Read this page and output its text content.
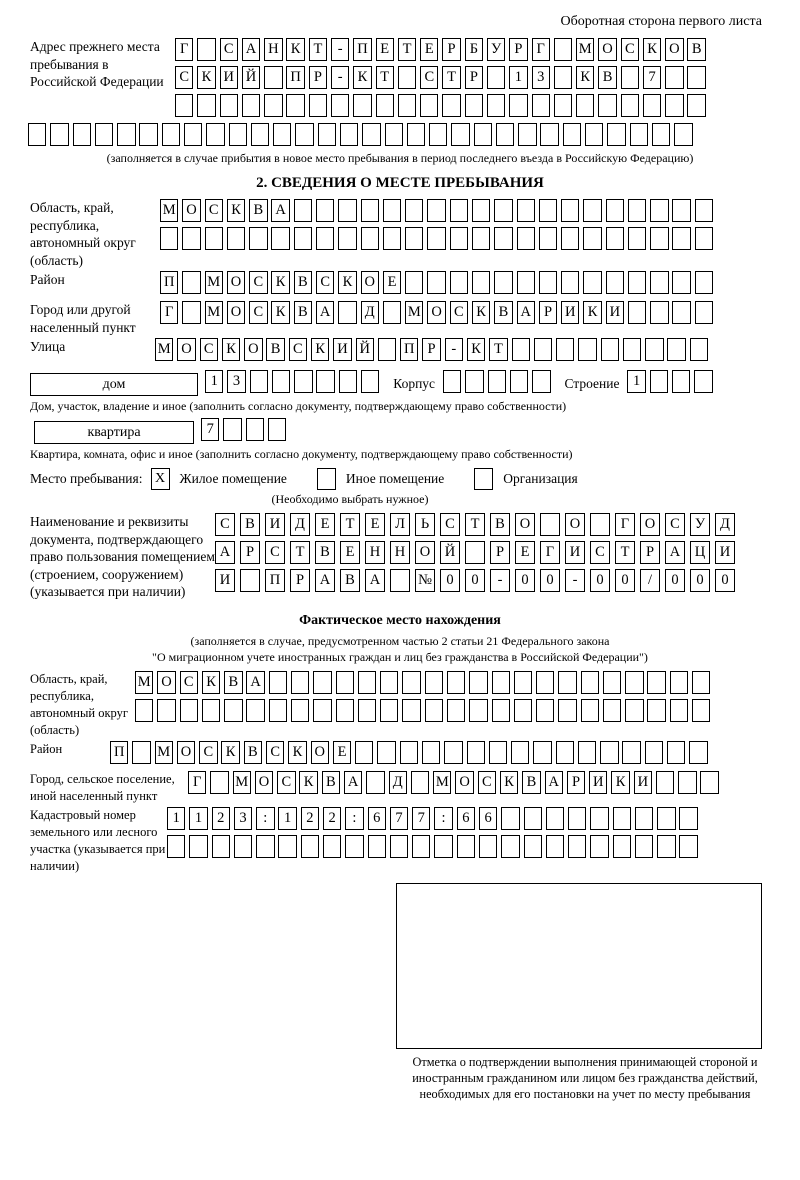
Оборотная сторона первого листа
Адрес прежнего места пребывания в Российской Федерации
Г	С А Н К Т	-	П Е Т Е Р Б У Р Г	М О С К О В
С К И Й П Р	-	К Т	С Т Р	1	3	К В	7
(заполняется в случае прибытия в новое место пребывания в период последнего въезда в Российскую Федерацию)
2. СВЕДЕНИЯ О МЕСТЕ ПРЕБЫВАНИЯ
Область, край, республика, автономный округ (область)
М О С К В А
Район	П М О С К В С К О Е
Город или другой населенный пункт
Г	М О С К В А Д М О С К В А Р И К И
Улица	М О С К О В С К И Й П Р	-	К Т
дом	1	3	Корпус	Строение 1
Дом, участок, владение и иное (заполнить согласно документу, подтверждающему право собственности)
квартира	7
Квартира, комната, офис и иное (заполнить согласно документу, подтверждающему право собственности)
Место пребывания: X	Жилое помещение	Иное помещение	Организация
(Необходимо выбрать нужное)
Наименование и реквизиты документа, подтверждающего право пользования помещением (строением, сооружением) (указывается при наличии)
С	В	И	Д	Е	Т	Е	Л	Ь	С	Т	В	О	О	Г	О	С	У	Д
А	Р	С	Т	В	Е	Н	Н	О	Й	Р	Е	Г	И	С	Т	Р	А	Ц	И
И	П	Р	А	В	А	№ 0	0	-	0	0	-	0	0	/	0	0	0
Фактическое место нахождения
(заполняется в случае, предусмотренном частью 2 статьи 21 Федерального закона
"О миграционном учете иностранных граждан и лиц без гражданства в Российской Федерации")
Область, край, республика, автономный округ (область)
М О С К В А
Район	П М О С К В С К О Е
Город, сельское поселение, иной населенный пункт
Г	М О С К В А Д М О С К В А Р И К И
Кадастровый номер земельного или лесного участка (указывается при наличии)
1	1	2	3	:	1	2	2	:	6	7	7	:	6	6
Отметка о подтверждении выполнения принимающей стороной и иностранным гражданином или лицом без гражданства действий, необходимых для его постановки на учет по месту пребывания
